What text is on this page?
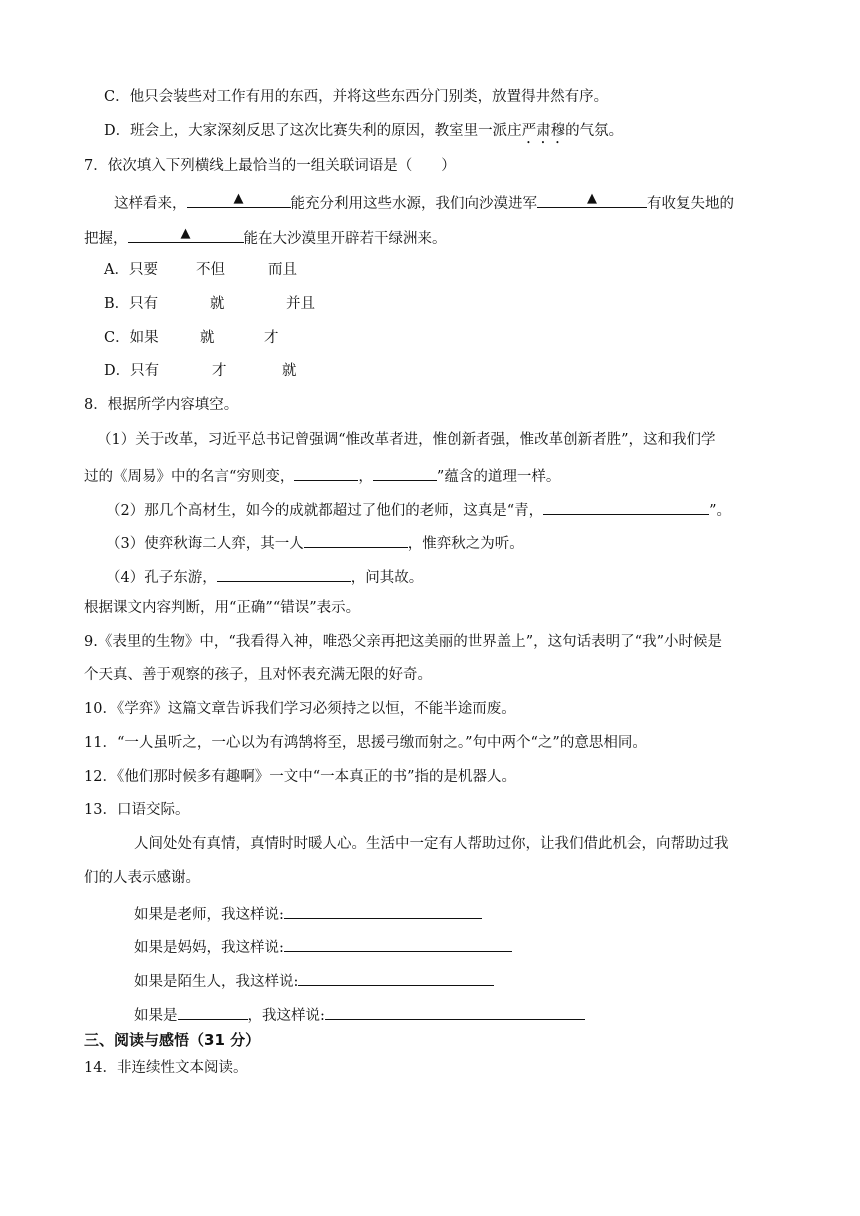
C．他只会装些对工作有用的东西，并将这些东西分门别类，放置得井然有序。
D．班会上，大家深刻反思了这次比赛失利的原因，教室里一派庄严肃穆的气氛。
7．依次填入下列横线上最恰当的一组关联词语是（　　）
这样看来，	▲	能充分利用这些水源，我们向沙漠进军	▲	有收复失地的
把握，	▲	能在大沙漠里开辟若干绿洲来。
A．只要	不但	而且
B．只有	就	并且
C．如果	就	才
D．只有	才	就
8．根据所学内容填空。
（1）关于改革，习近平总书记曾强调“惟改革者进，惟创新者强，惟改革创新者胜”，这和我们学
过的《周易》中的名言“穷则变，	，	”蕴含的道理一样。
（2）那几个高材生，如今的成就都超过了他们的老师，这真是“青，	”。
（3）使弈秋诲二人弈，其一人	，惟弈秋之为听。
（4）孔子东游，	，问其故。
根据课文内容判断，用“正确”“错误”表示。
9.《表里的生物》中，“我看得入神，唯恐父亲再把这美丽的世界盖上”，这句话表明了“我”小时候是
个天真、善于观察的孩子，且对怀表充满无限的好奇。
10．《学弈》这篇文章告诉我们学习必须持之以恒，不能半途而废。
11．“一人虽听之，一心以为有鸿鹄将至，思援弓缴而射之。”句中两个“之”的意思相同。
12．《他们那时候多有趣啊》一文中“一本真正的书”指的是机器人。
13．口语交际。
人间处处有真情，真情时时暖人心。生活中一定有人帮助过你，让我们借此机会，向帮助过我
们的人表示感谢。
如果是老师，我这样说:
如果是妈妈，我这样说:
如果是陌生人，我这样说:
如果是	，我这样说:
三、阅读与感悟（31 分）
14．非连续性文本阅读。
